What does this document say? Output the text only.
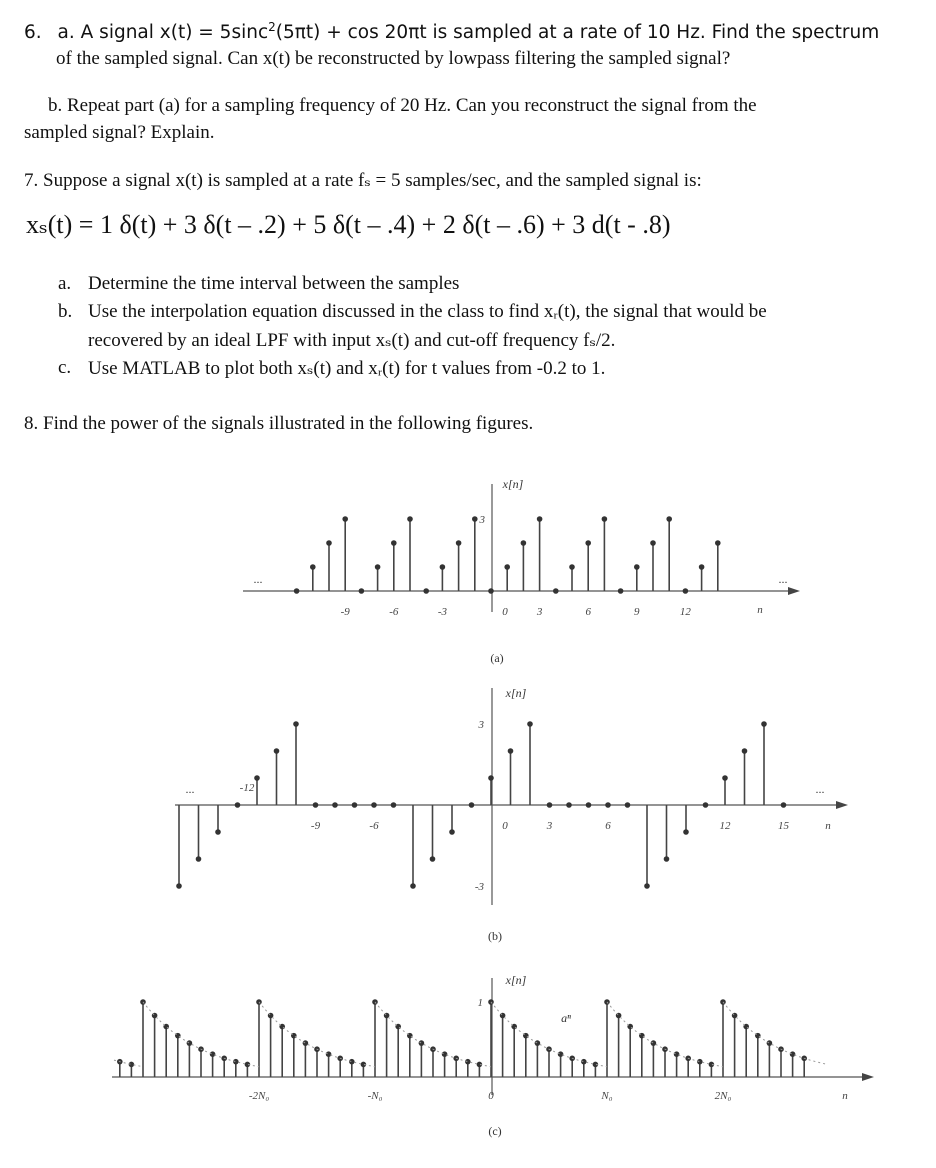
6. a. A signal x(t) = 5sinc$^2$(5πt) + cos 20πt is sampled at a rate of 10 Hz. Find the spectrum
of the sampled signal. Can x(t) be reconstructed by lowpass filtering the sampled signal?
b. Repeat part (a) for a sampling frequency of 20 Hz. Can you reconstruct the signal from the
sampled signal? Explain.
7. Suppose a signal x(t) is sampled at a rate fₛ = 5 samples/sec, and the sampled signal is:
xₛ(t) = 1 δ(t) + 3 δ(t – .2) + 5 δ(t – .4) + 2 δ(t – .6) + 3 d(t - .8)
a. Determine the time interval between the samples
b. Use the interpolation equation discussed in the class to find xᵣ(t), the signal that would be
recovered by an ideal LPF with input xₛ(t) and cut-off frequency fₛ/2.
c. Use MATLAB to plot both xₛ(t) and xᵣ(t) for t values from -0.2 to 1.
8. Find the power of the signals illustrated in the following figures.
x[n]
3
n
...	...
-9	-6	-3	0	3	6	9	12
(a)
x[n]
3
-3
n
...	...
-12
-9	-6	0	3	6	12	15
(b)
x[n]
1
n
aⁿ
-2N₀	-N₀	0	N₀	2N₀
(c)
